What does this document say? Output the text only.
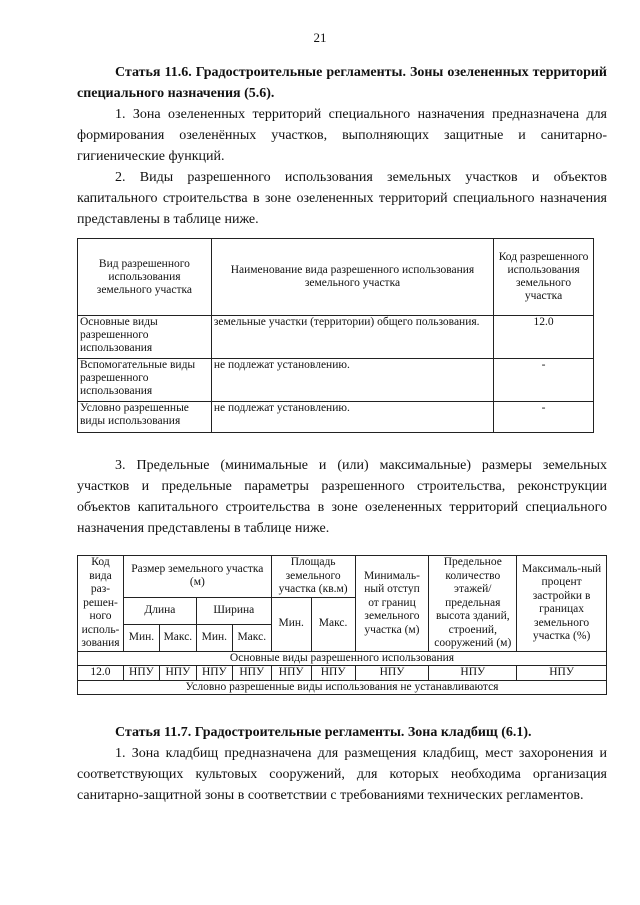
21
Статья 11.6. Градостроительные регламенты. Зоны озелененных территорий специального назначения (5.6).

1. Зона озелененных территорий специального назначения предназначена для формирования озеленённых участков, выполняющих защитные и санитарно-гигиенические функций.

2. Виды разрешенного использования земельных участков и объектов капитального строительства в зоне озелененных территорий специального назначения представлены в таблице ниже.

Вид разрешенного использования земельного участка	Наименование вида разрешенного использования земельного участка	Код разрешенного использования земельного участка
Основные виды разрешенного использования	земельные участки (территории) общего пользования.	12.0
Вспомогательные виды разрешенного использования	не подлежат установлению.	-
Условно разрешенные виды использования	не подлежат установлению.	-

3. Предельные (минимальные и (или) максимальные) размеры земельных участков и предельные параметры разрешенного строительства, реконструкции объектов капитального строительства в зоне озелененных территорий специального назначения представлены в таблице ниже.

Код вида раз-решен-ного исполь-зования	Размер земельного участка (м)				Площадь земельного участка (кв.м)		Минималь-ный отступ от границ земельного участка (м)	Предельное количество этажей/ предельная высота зданий, строений, сооружений (м)	Максималь-ный процент застройки в границах земельного участка (%)
	Длина		Ширина		Мин.	Макс.			
	Мин.	Макс.	Мин.	Макс.					
Основные виды разрешенного использования									
12.0	НПУ	НПУ	НПУ	НПУ	НПУ	НПУ	НПУ	НПУ	НПУ
Условно разрешенные виды использования не устанавливаются									
Статья 11.7. Градостроительные регламенты. Зона кладбищ (6.1).

1. Зона кладбищ предназначена для размещения кладбищ, мест захоронения и соответствующих культовых сооружений, для которых необходима организация санитарно-защитной зоны в соответствии с требованиями технических регламентов.
